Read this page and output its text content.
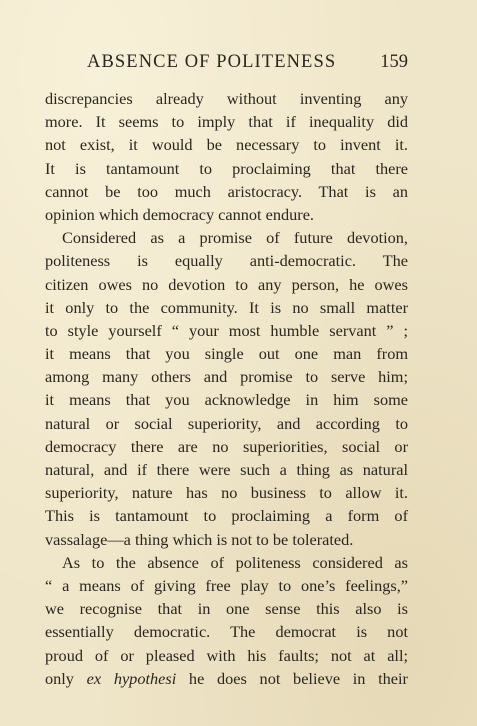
ABSENCE OF POLITENESS 159
discrepancies already without inventing any
more. It seems to imply that if inequality did
not exist, it would be necessary to invent it.
It is tantamount to proclaiming that there
cannot be too much aristocracy. That is an
opinion which democracy cannot endure.
Considered as a promise of future devotion,
politeness is equally anti-democratic. The
citizen owes no devotion to any person, he owes
it only to the community. It is no small matter
to style yourself “ your most humble servant ” ;
it means that you single out one man from
among many others and promise to serve him;
it means that you acknowledge in him some
natural or social superiority, and according to
democracy there are no superiorities, social or
natural, and if there were such a thing as natural
superiority, nature has no business to allow it.
This is tantamount to proclaiming a form of
vassalage—a thing which is not to be tolerated.
As to the absence of politeness considered as
“ a means of giving free play to one’s feelings,”
we recognise that in one sense this also is
essentially democratic. The democrat is not
proud of or pleased with his faults; not at all;
only ex hypothesi he does not believe in their
